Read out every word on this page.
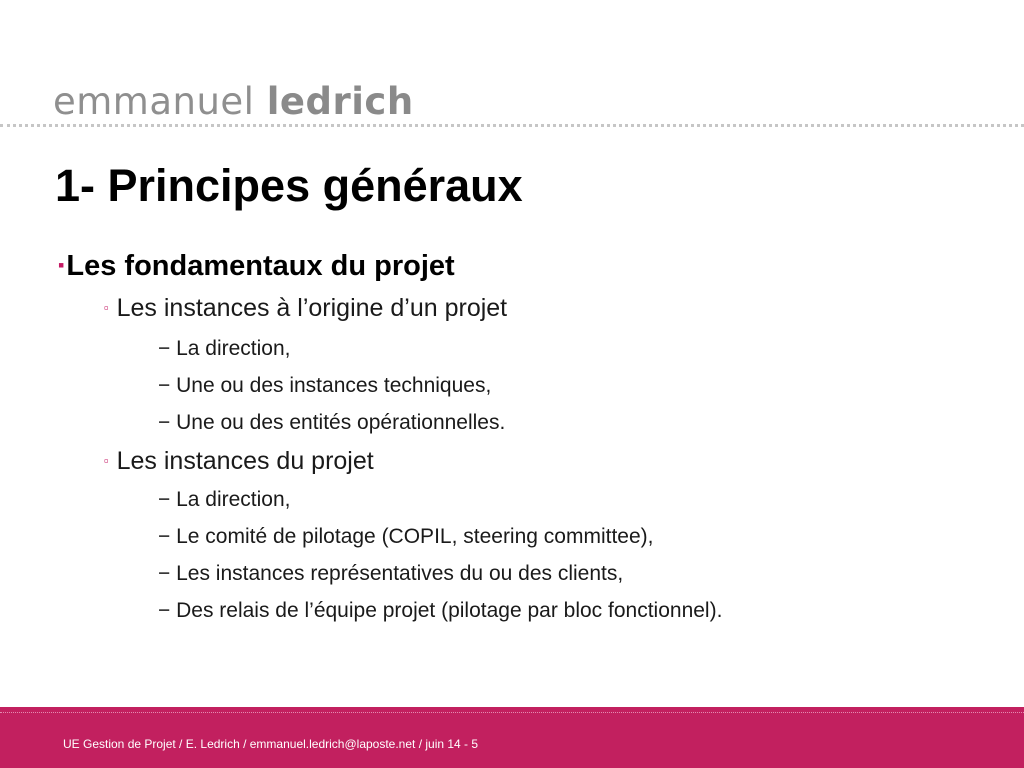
emmanuel ledrich
1- Principes généraux

▪Les fondamentaux du projet

▫ Les instances à l’origine d’un projet

− La direction,

− Une ou des instances techniques,

− Une ou des entités opérationnelles.

▫ Les instances du projet

− La direction,

− Le comité de pilotage (COPIL, steering committee),

− Les instances représentatives du ou des clients,

− Des relais de l’équipe projet (pilotage par bloc fonctionnel).

UE Gestion de Projet / E. Ledrich / emmanuel.ledrich@laposte.net / juin 14 - 5
